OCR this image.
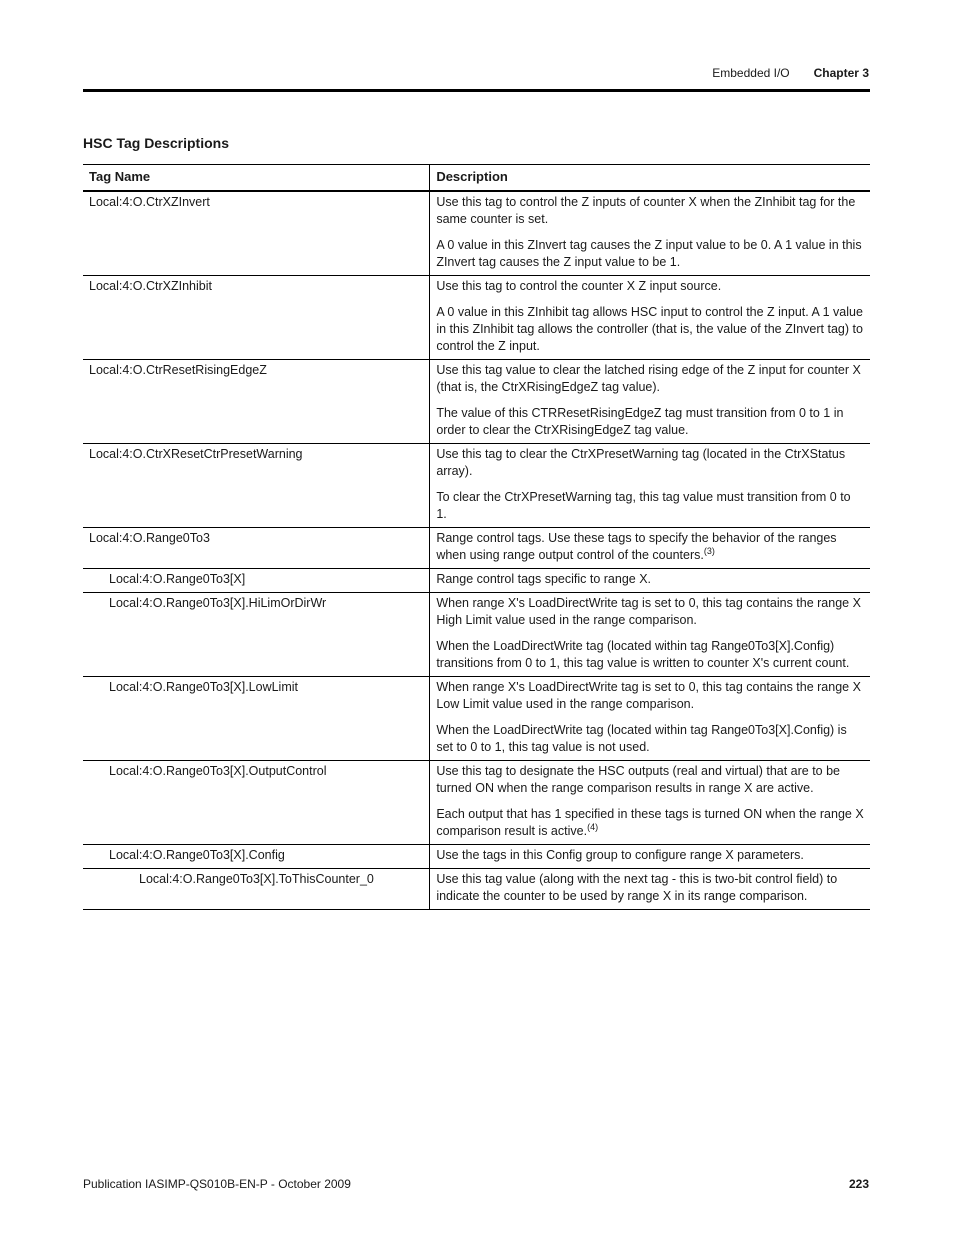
Embedded I/O Chapter 3
HSC Tag Descriptions
Tag Name	Description
Local:4:O.CtrXZInvert	Use this tag to control the Z inputs of counter X when the ZInhibit tag for the same counter is set.

A 0 value in this ZInvert tag causes the Z input value to be 0. A 1 value in this ZInvert tag causes the Z input value to be 1.

Local:4:O.CtrXZInhibit	Use this tag to control the counter X Z input source.

A 0 value in this ZInhibit tag allows HSC input to control the Z input. A 1 value in this ZInhibit tag allows the controller (that is, the value of the ZInvert tag) to control the Z input.

Local:4:O.CtrResetRisingEdgeZ	Use this tag value to clear the latched rising edge of the Z input for counter X (that is, the CtrXRisingEdgeZ tag value).

The value of this CTRResetRisingEdgeZ tag must transition from 0 to 1 in order to clear the CtrXRisingEdgeZ tag value.

Local:4:O.CtrXResetCtrPresetWarning	Use this tag to clear the CtrXPresetWarning tag (located in the CtrXStatus array).

To clear the CtrXPresetWarning tag, this tag value must transition from 0 to 1.

Local:4:O.Range0To3	Range control tags. Use these tags to specify the behavior of the ranges when using range output control of the counters.$^{(3)}$

Local:4:O.Range0To3[X]	Range control tags specific to range X.

Local:4:O.Range0To3[X].HiLimOrDirWr	When range X's LoadDirectWrite tag is set to 0, this tag contains the range X High Limit value used in the range comparison.

When the LoadDirectWrite tag (located within tag Range0To3[X].Config) transitions from 0 to 1, this tag value is written to counter X's current count.

Local:4:O.Range0To3[X].LowLimit	When range X's LoadDirectWrite tag is set to 0, this tag contains the range X Low Limit value used in the range comparison.

When the LoadDirectWrite tag (located within tag Range0To3[X].Config) is set to 0 to 1, this tag value is not used.

Local:4:O.Range0To3[X].OutputControl	Use this tag to designate the HSC outputs (real and virtual) that are to be turned ON when the range comparison results in range X are active.

Each output that has 1 specified in these tags is turned ON when the range X comparison result is active.$^{(4)}$

Local:4:O.Range0To3[X].Config	Use the tags in this Config group to configure range X parameters.

Local:4:O.Range0To3[X].ToThisCounter_0	Use this tag value (along with the next tag - this is two-bit control field) to indicate the counter to be used by range X in its range comparison.

Publication IASIMP-QS010B-EN-P - October 2009	223
